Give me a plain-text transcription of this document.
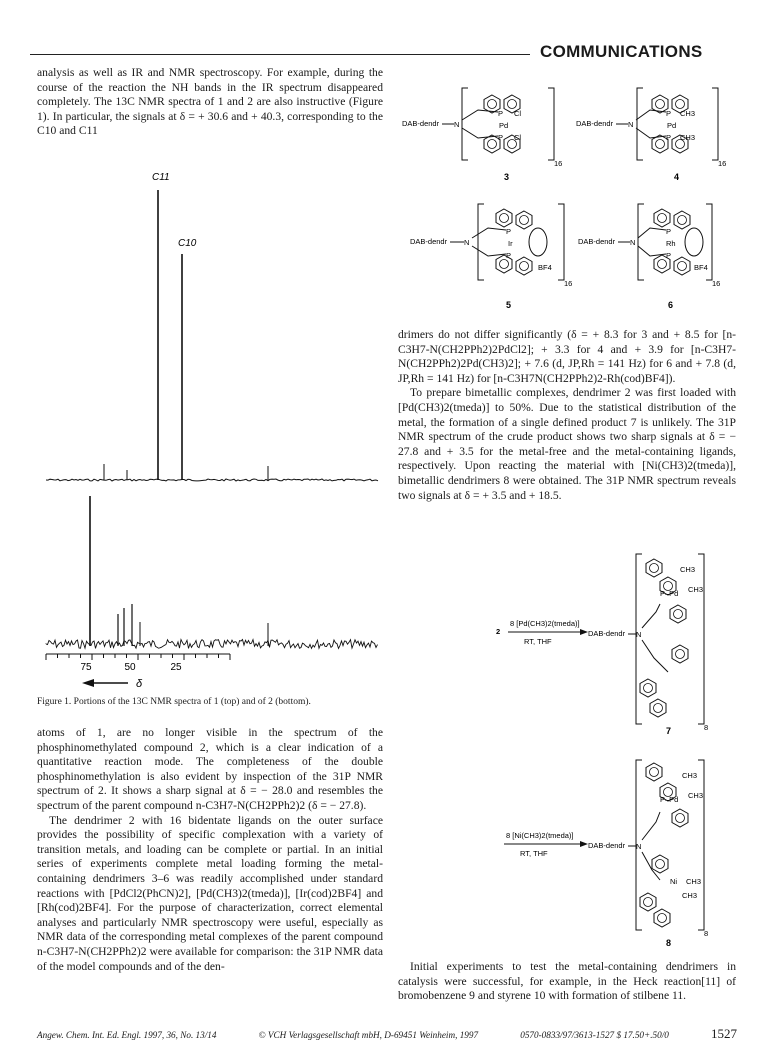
COMMUNICATIONS

analysis as well as IR and NMR spectroscopy. For example, during the course of the reaction the NH bands in the IR spectrum disappeared completely. The 13C NMR spectra of 1 and 2 are also instructive (Figure 1). In particular, the signals at δ = + 30.6 and + 40.3, corresponding to the C10 and C11

C11
C10
75	50	25
δ
Figure 1. Portions of the 13C NMR spectra of 1 (top) and of 2 (bottom).

atoms of 1, are no longer visible in the spectrum of the phosphinomethylated compound 2, which is a clear indication of a quantitative reaction mode. The completeness of the double phosphinomethylation is also evident by inspection of the 31P NMR spectrum of 2. It shows a sharp signal at δ = − 28.0 and resembles the spectrum of the parent compound n-C3H7-N(CH2PPh2)2 (δ = − 27.8).

The dendrimer 2 with 16 bidentate ligands on the outer surface provides the possibility of specific complexation with a variety of transition metals, and loading can be complete or partial. In an initial series of experiments complete metal loading forming the metal-containing dendrimers 3–6 was readily accomplished under standard reactions with [PdCl2(PhCN)2], [Pd(CH3)2(tmeda)], [Ir(cod)2BF4] and [Rh(cod)2BF4]. For the purpose of characterization, correct elemental analyses and particularly NMR spectroscopy were useful, especially as NMR data of the corresponding metal complexes of the parent compound n-C3H7-N(CH2PPh2)2 were available for comparison: the 31P NMR data of the model compounds and of the den-

DAB-dendr N
P
P
Pd
Cl
Cl
16
3
DAB-dendr N
P
P
Pd
CH3
CH3
16
4
DAB-dendr N
P
P
Ir
BF4
16
5
DAB-dendr N
P
P
Rh
BF4
16
6

drimers do not differ significantly (δ = + 8.3 for 3 and + 8.5 for [n-C3H7-N(CH2PPh2)2PdCl2]; + 3.3 for 4 and + 3.9 for [n-C3H7-N(CH2PPh2)2Pd(CH3)2]; + 7.6 (d, JP,Rh = 141 Hz) for 6 and + 7.8 (d, JP,Rh = 141 Hz) for [n-C3H7N(CH2PPh2)2-Rh(cod)BF4]).

To prepare bimetallic complexes, dendrimer 2 was first loaded with [Pd(CH3)2(tmeda)] to 50%. Due to the statistical distribution of the metal, the formation of a single defined product 7 is unlikely. The 31P NMR spectrum of the crude product shows two sharp signals at δ = − 27.8 and + 3.5 for the metal-free and the metal-containing ligands, respectively. Upon reacting the material with [Ni(CH3)2(tmeda)], bimetallic dendrimers 8 were obtained. The 31P NMR spectrum reveals two signals at δ = + 3.5 and + 18.5.

2
8 [Pd(CH3)2(tmeda)]
RT, THF
DAB-dendr N
CH3
CH3
P–Pd
8
7
8 [Ni(CH3)2(tmeda)]
RT, THF
DAB-dendr N
CH3
CH3
P–Pd
Ni CH3
CH3
8
8

Initial experiments to test the metal-containing dendrimers in catalysis were successful, for example, in the Heck reaction[11] of bromobenzene 9 and styrene 10 with formation of stilbene 11.

Angew. Chem. Int. Ed. Engl. 1997, 36, No. 13/14	© VCH Verlagsgesellschaft mbH, D-69451 Weinheim, 1997	0570-0833/97/3613-1527 $ 17.50+.50/0	1527
